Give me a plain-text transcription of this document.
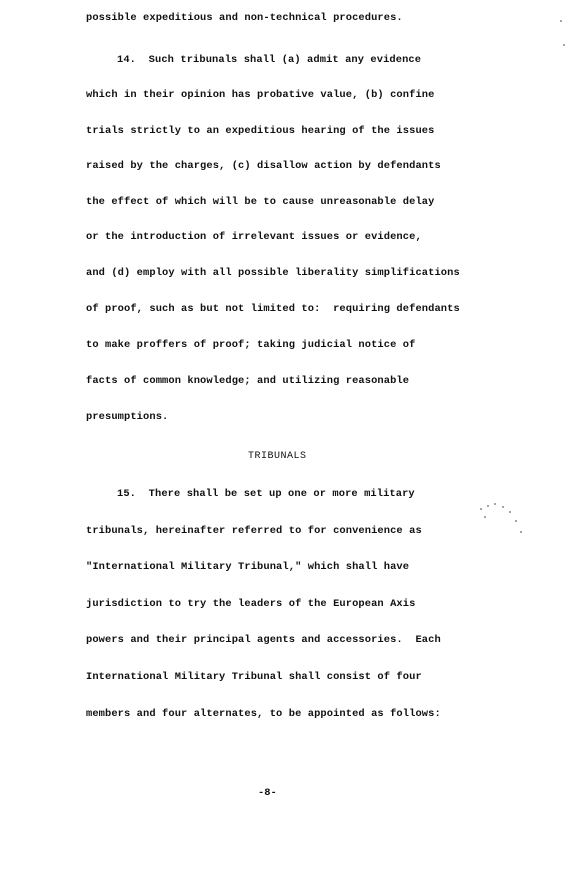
possible expeditious and non-technical procedures.
14.  Such tribunals shall (a) admit any evidence
which in their opinion has probative value, (b) confine
trials strictly to an expeditious hearing of the issues
raised by the charges, (c) disallow action by defendants
the effect of which will be to cause unreasonable delay
or the introduction of irrelevant issues or evidence,
and (d) employ with all possible liberality simplifications
of proof, such as but not limited to:  requiring defendants
to make proffers of proof; taking judicial notice of
facts of common knowledge; and utilizing reasonable
presumptions.
TRIBUNALS
15.  There shall be set up one or more military
tribunals, hereinafter referred to for convenience as
"International Military Tribunal," which shall have
jurisdiction to try the leaders of the European Axis
powers and their principal agents and accessories.  Each
International Military Tribunal shall consist of four
members and four alternates, to be appointed as follows:
-8-
